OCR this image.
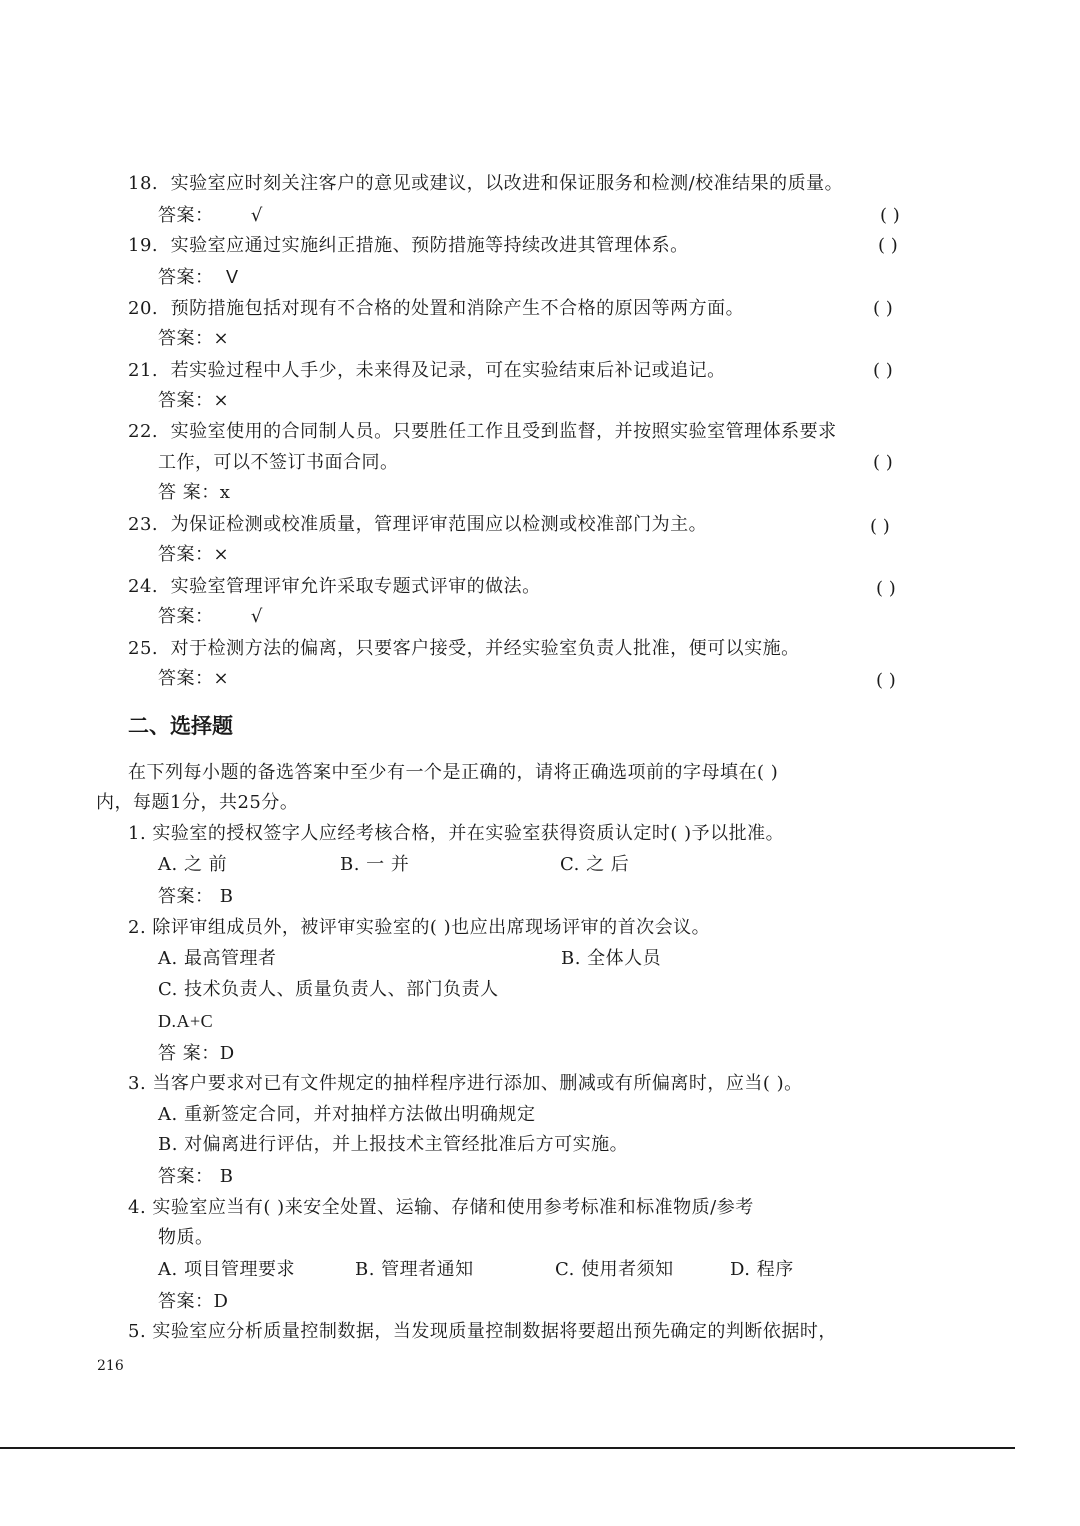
18. 实验室应时刻关注客户的意见或建议，以改进和保证服务和检测/校准结果的质量。
答案： √	( )
19. 实验室应通过实施纠正措施、预防措施等持续改进其管理体系。	( )
答案： V
20. 预防措施包括对现有不合格的处置和消除产生不合格的原因等两方面。	( )
答案：×
21. 若实验过程中人手少，未来得及记录，可在实验结束后补记或追记。	( )
答案：×
22. 实验室使用的合同制人员。只要胜任工作且受到监督，并按照实验室管理体系要求
工作，可以不签订书面合同。	( )
答 案：x
23. 为保证检测或校准质量，管理评审范围应以检测或校准部门为主。	( )
答案：×
24. 实验室管理评审允许采取专题式评审的做法。	( )
答案： √
25. 对于检测方法的偏离，只要客户接受，并经实验室负责人批准，便可以实施。
答案：×	( )
二、选择题
在下列每小题的备选答案中至少有一个是正确的，请将正确选项前的字母填在( )
内，每题1分，共25分。
1. 实验室的授权签字人应经考核合格，并在实验室获得资质认定时( )予以批准。
A. 之 前	B. 一 并	C. 之 后
答案： B
2. 除评审组成员外，被评审实验室的( )也应出席现场评审的首次会议。
A. 最高管理者	B. 全体人员
C. 技术负责人、质量负责人、部门负责人
D.A+C
答 案：D
3. 当客户要求对已有文件规定的抽样程序进行添加、删减或有所偏离时，应当( )。
A. 重新签定合同，并对抽样方法做出明确规定
B. 对偏离进行评估，并上报技术主管经批准后方可实施。
答案： B
4. 实验室应当有( )来安全处置、运输、存储和使用参考标准和标准物质/参考
物质。
A. 项目管理要求	B. 管理者通知	C. 使用者须知	D. 程序
答案：D
5. 实验室应分析质量控制数据，当发现质量控制数据将要超出预先确定的判断依据时，
216
